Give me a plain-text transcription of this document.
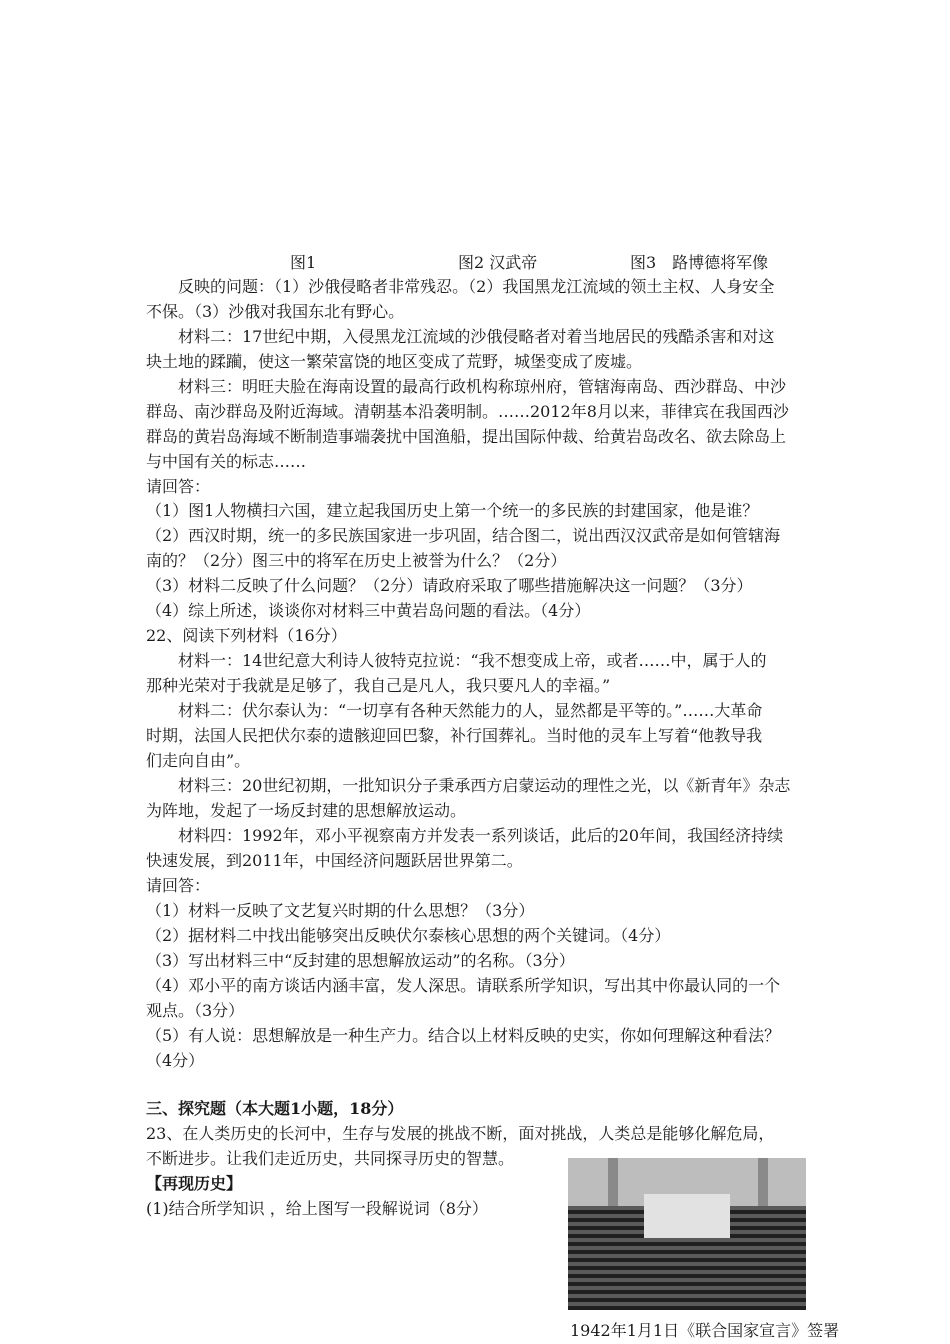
图1	图2 汉武帝	图3　路博德将军像
反映的问题：（1）沙俄侵略者非常残忍。（2）我国黑龙江流域的领土主权、人身安全
不保。（3）沙俄对我国东北有野心。
材料二：17世纪中期，入侵黑龙江流域的沙俄侵略者对着当地居民的残酷杀害和对这
块土地的蹂躏，使这一繁荣富饶的地区变成了荒野，城堡变成了废墟。
材料三：明旺夫脸在海南设置的最高行政机构称琼州府，管辖海南岛、西沙群岛、中沙
群岛、南沙群岛及附近海域。清朝基本沿袭明制。……2012年8月以来，菲律宾在我国西沙
群岛的黄岩岛海域不断制造事端袭扰中国渔船，提出国际仲裁、给黄岩岛改名、欲去除岛上
与中国有关的标志……
请回答：
（1）图1人物横扫六国，建立起我国历史上第一个统一的多民族的封建国家，他是谁？
（2）西汉时期，统一的多民族国家进一步巩固，结合图二，说出西汉汉武帝是如何管辖海
南的？（2分）图三中的将军在历史上被誉为什么？（2分）
（3）材料二反映了什么问题？（2分）请政府采取了哪些措施解决这一问题？（3分）
（4）综上所述，谈谈你对材料三中黄岩岛问题的看法。（4分）
22、阅读下列材料（16分）
材料一：14世纪意大利诗人彼特克拉说：“我不想变成上帝，或者……中，属于人的
那种光荣对于我就是足够了，我自己是凡人，我只要凡人的幸福。”
材料二：伏尔泰认为：“一切享有各种天然能力的人，显然都是平等的。”……大革命
时期，法国人民把伏尔泰的遗骸迎回巴黎，补行国葬礼。当时他的灵车上写着“他教导我
们走向自由”。
材料三：20世纪初期，一批知识分子秉承西方启蒙运动的理性之光，以《新青年》杂志
为阵地，发起了一场反封建的思想解放运动。
材料四：1992年，邓小平视察南方并发表一系列谈话，此后的20年间，我国经济持续
快速发展，到2011年，中国经济问题跃居世界第二。
请回答：
（1）材料一反映了文艺复兴时期的什么思想？（3分）
（2）据材料二中找出能够突出反映伏尔泰核心思想的两个关键词。（4分）
（3）写出材料三中“反封建的思想解放运动”的名称。（3分）
（4）邓小平的南方谈话内涵丰富，发人深思。请联系所学知识，写出其中你最认同的一个
观点。（3分）
（5）有人说：思想解放是一种生产力。结合以上材料反映的史实，你如何理解这种看法？
（4分）
三、探究题（本大题1小题，18分）
23、在人类历史的长河中，生存与发展的挑战不断，面对挑战，人类总是能够化解危局，
不断进步。让我们走近历史，共同探寻历史的智慧。
【再现历史】
(1)结合所学知识 ，给上图写一段解说词（8分）
1942年1月1日《联合国家宣言》签署
